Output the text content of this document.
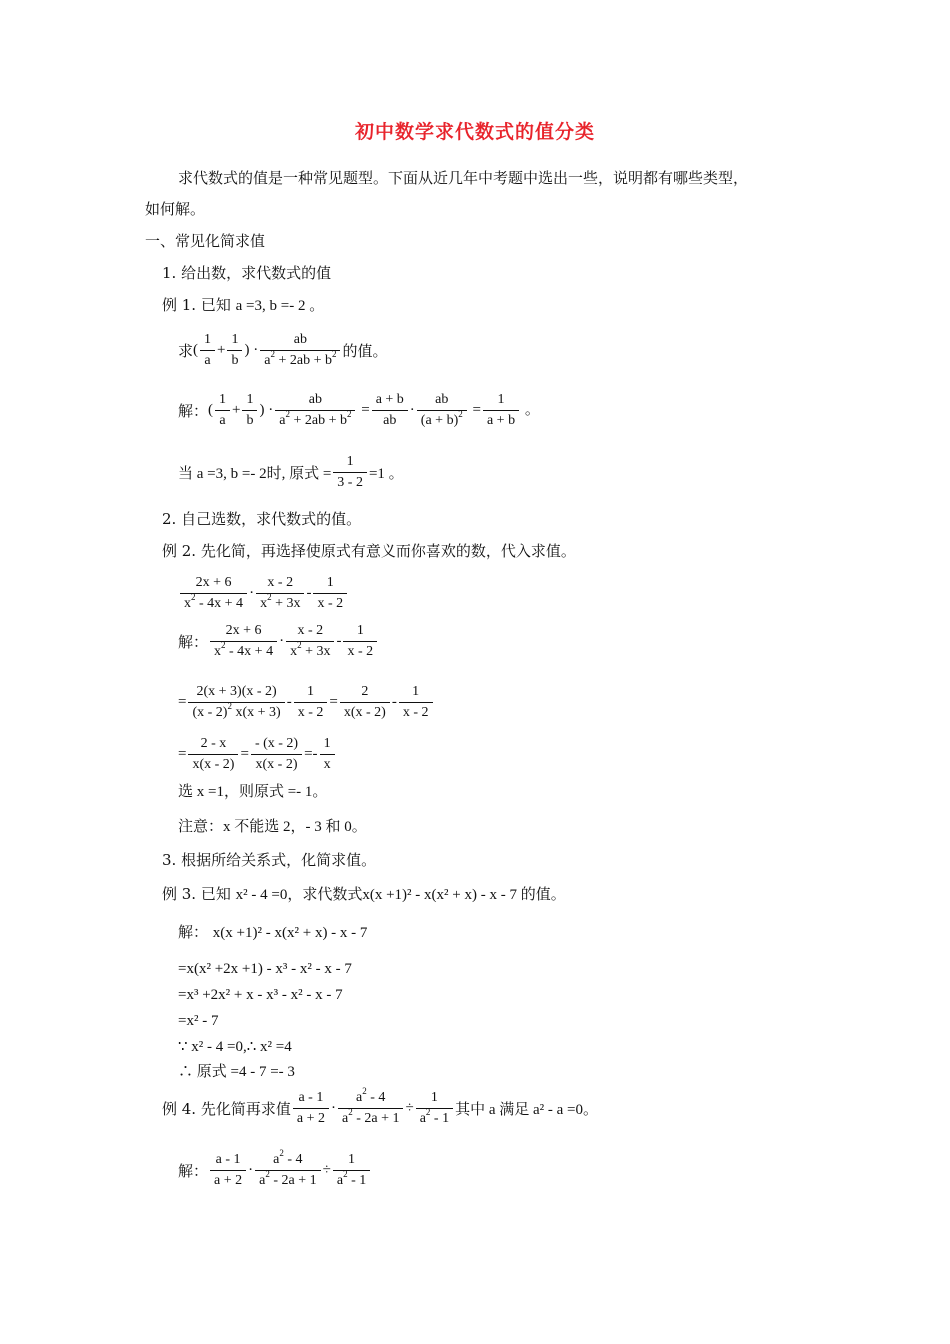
初中数学求代数式的值分类
求代数式的值是一种常见题型。下面从近几年中考题中选出一些，说明都有哪些类型，
如何解。
一、常见化简求值
1. 给出数，求代数式的值
例 1. 已知 a =3, b =- 2 。
求 ( $\frac{1}{a} + \frac{1}{b}$ ) · $\frac{ab}{a^2 + 2ab + b^2}$ 的值。
解： ( $\frac{1}{a} + \frac{1}{b}$ ) · $\frac{ab}{a^2 + 2ab + b^2} = \frac{a + b}{ab} \cdot \frac{ab}{(a + b)^2} = \frac{1}{a + b}$ 。
当 a =3, b =- 2时, 原式 = $\frac{1}{3 - 2} =1$ 。
2. 自己选数，求代数式的值。
例 2. 先化简，再选择使原式有意义而你喜欢的数，代入求值。
$\frac{2x + 6}{x^2 - 4x + 4} \cdot \frac{x - 2}{x^2 + 3x} - \frac{1}{x - 2}$
解： $\frac{2x + 6}{x^2 - 4x + 4} \cdot \frac{x - 2}{x^2 + 3x} - \frac{1}{x - 2}$
= $\frac{2(x + 3)(x - 2)}{(x - 2)^2 x(x + 3)} - \frac{1}{x - 2} = \frac{2}{x(x - 2)} - \frac{1}{x - 2}$
= $\frac{2 - x}{x(x - 2)} = \frac{- (x - 2)}{x(x - 2)} =- \frac{1}{x}$
选 x =1，则原式 =- 1。
注意：x 不能选 2，- 3 和 0。
3. 根据所给关系式，化简求值。
例 3. 已知 x² - 4 =0，求代数式x(x +1)² - x(x² + x) - x - 7 的值。
解： x(x +1)² - x(x² + x) - x - 7
=x(x² +2x +1) - x³ - x² - x - 7
=x³ +2x² + x - x³ - x² - x - 7
=x² - 7
∵ x² - 4 =0,∴ x² =4
∴ 原式 =4 - 7 =- 3
例 4. 先化简再求值 $\frac{a - 1}{a + 2} \cdot \frac{a^2 - 4}{a^2 - 2a + 1} \div \frac{1}{a^2 - 1}$ 其中 a 满足 a² - a =0。
解： $\frac{a - 1}{a + 2} \cdot \frac{a^2 - 4}{a^2 - 2a + 1} \div \frac{1}{a^2 - 1}$
